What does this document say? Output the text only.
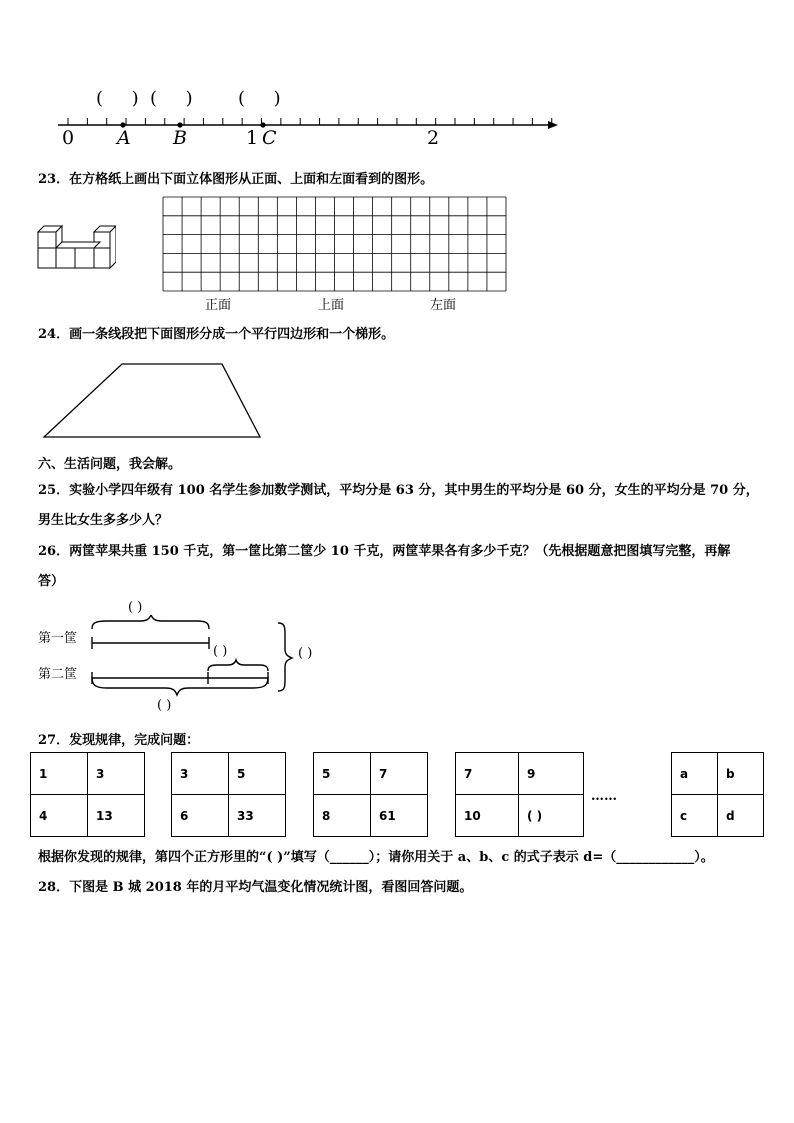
(     ) (     )	(     )
0 A B	1 C	2
23．在方格纸上画出下面立体图形从正面、上面和左面看到的图形。
正面	上面	左面
24．画一条线段把下面图形分成一个平行四边形和一个梯形。
六、生活问题，我会解。
25．实验小学四年级有 100 名学生参加数学测试，平均分是 63 分，其中男生的平均分是 60 分，女生的平均分是 70 分，
男生比女生多多少人？
26．两筐苹果共重 150 千克，第一筐比第二筐少 10 千克，两筐苹果各有多少千克？（先根据题意把图填写完整，再解
答）
第一筐
第二筐
( )
( )	( )
( )
27．发现规律，完成问题：
1	3
4	13
3	5
6	33
5	7
8	61
7	9
10	( )
……
a	b
c	d
根据你发现的规律，第四个正方形里的“( )”填写（______）；请你用关于 a、b、c 的式子表示 d=（____________）。
28．下图是 B 城 2018 年的月平均气温变化情况统计图，看图回答问题。
